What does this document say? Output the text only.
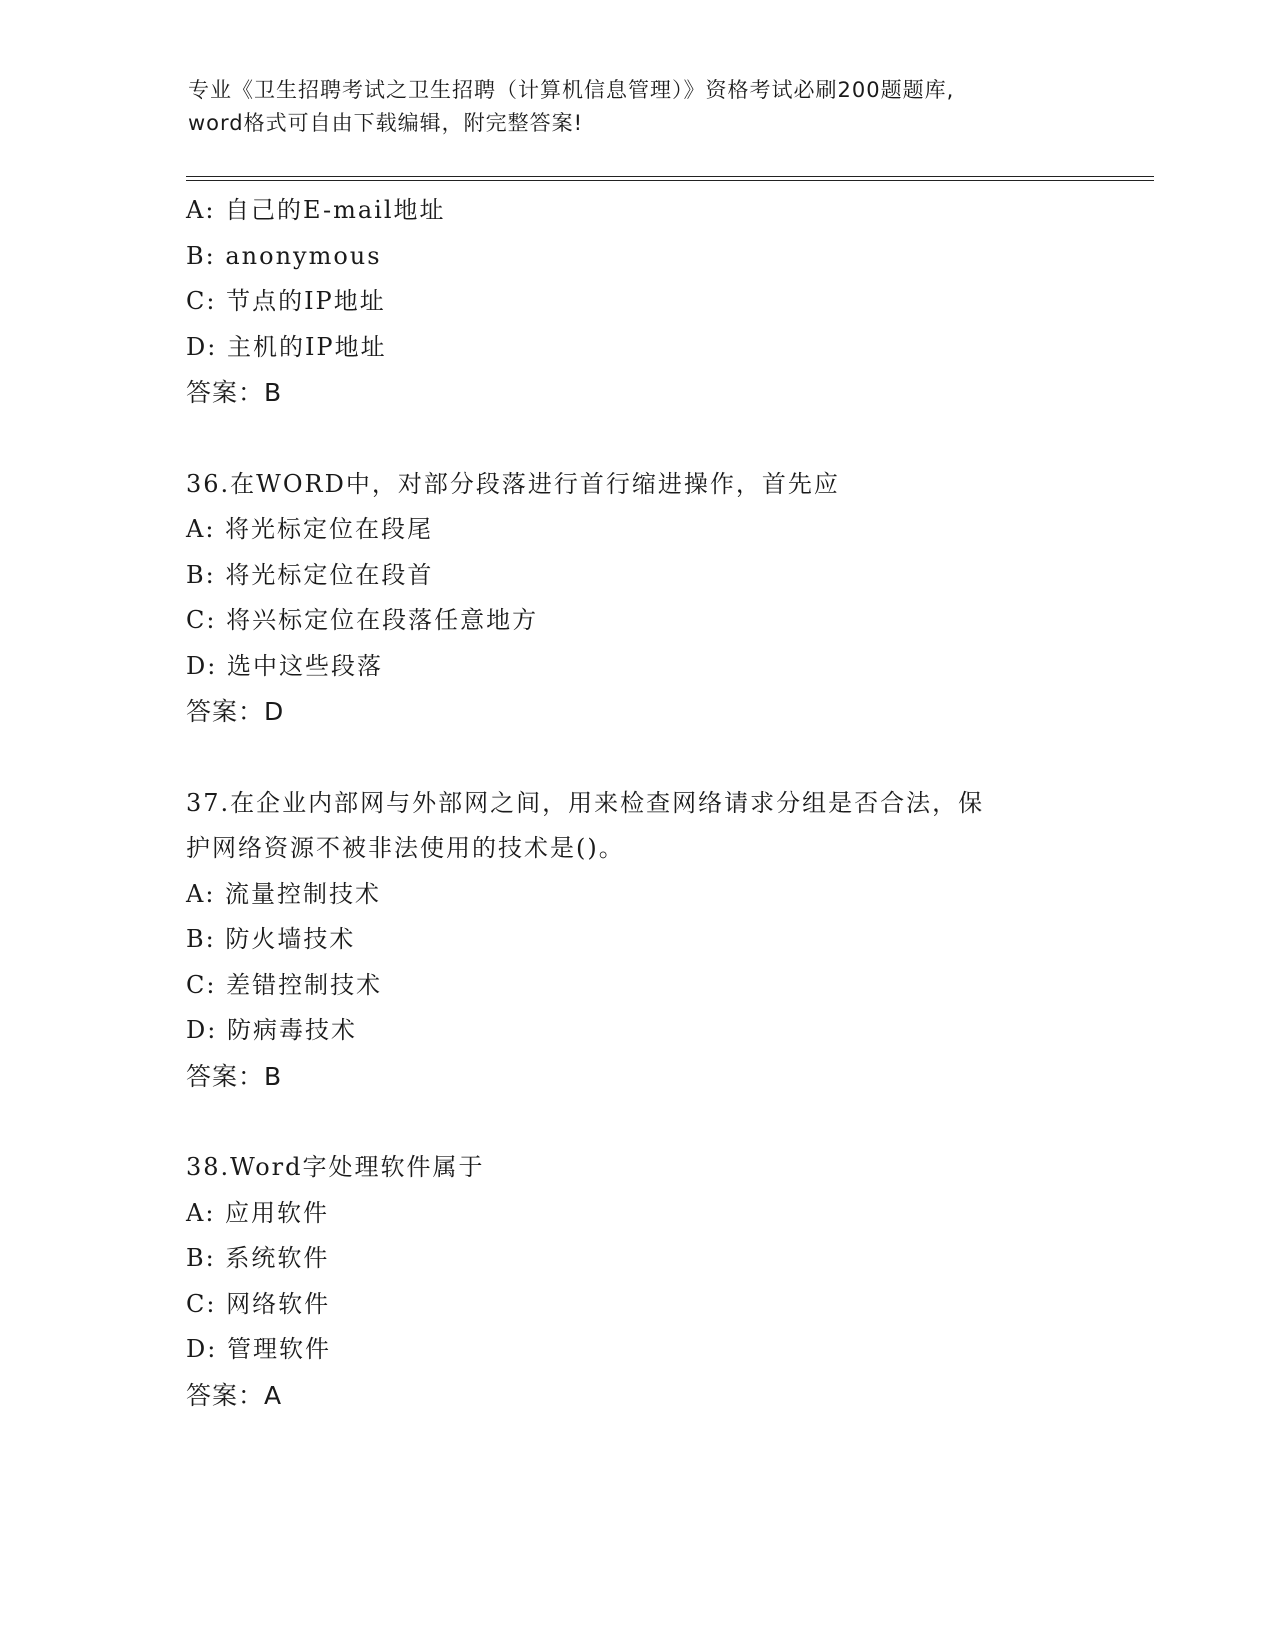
专业《卫生招聘考试之卫生招聘（计算机信息管理）》资格考试必刷200题题库,

word格式可自由下载编辑，附完整答案!

A: 自己的E-mail地址
B: anonymous
C: 节点的IP地址
D: 主机的IP地址
答案：B
36.在WORD中，对部分段落进行首行缩进操作，首先应
A: 将光标定位在段尾
B: 将光标定位在段首
C: 将兴标定位在段落任意地方
D: 选中这些段落
答案：D
37.在企业内部网与外部网之间，用来检查网络请求分组是否合法，保
护网络资源不被非法使用的技术是()。
A: 流量控制技术
B: 防火墙技术
C: 差错控制技术
D: 防病毒技术
答案：B
38.Word字处理软件属于
A: 应用软件
B: 系统软件
C: 网络软件
D: 管理软件
答案：A
